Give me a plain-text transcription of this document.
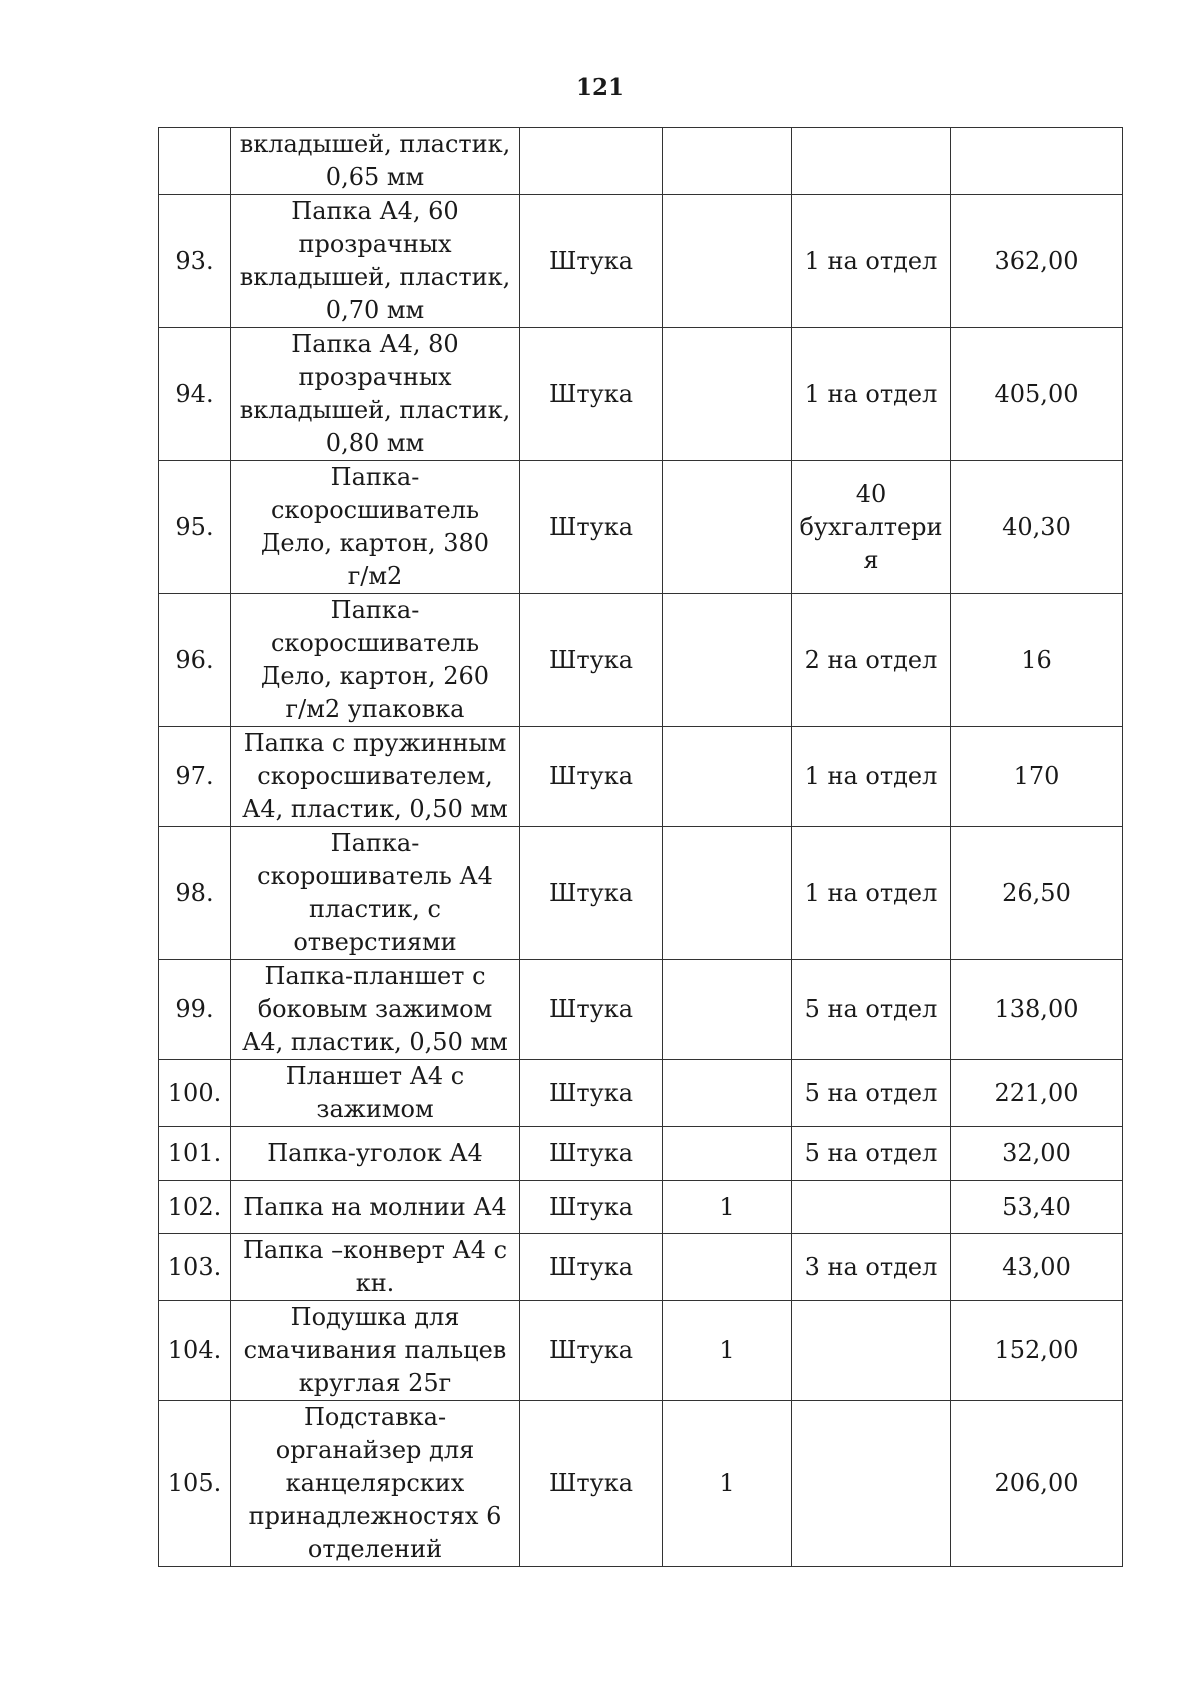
121

	вкладышей, пластик,
0,65 мм				

93.	Папка А4, 60
прозрачных
вкладышей, пластик,
0,70 мм	Штука		1 на отдел	362,00
94.	Папка А4, 80
прозрачных
вкладышей, пластик,
0,80 мм	Штука		1 на отдел	405,00
95.	Папка-
скоросшиватель
Дело, картон, 380
г/м2	Штука		40
бухгалтери
я	40,30
96.	Папка-
скоросшиватель
Дело, картон, 260
г/м2 упаковка	Штука		2 на отдел	16
97.	Папка с пружинным
скоросшивателем,
А4, пластик, 0,50 мм	Штука		1 на отдел	170
98.	Папка-
скорошиватель А4
пластик, с
отверстиями	Штука		1 на отдел	26,50
99.	Папка-планшет с
боковым зажимом
А4, пластик, 0,50 мм	Штука		5 на отдел	138,00
100.	Планшет А4 с
зажимом	Штука		5 на отдел	221,00
101.	Папка-уголок А4	Штука		5 на отдел	32,00
102.	Папка на молнии А4	Штука	1		53,40
103.	Папка –конверт А4 с
кн.	Штука		3 на отдел	43,00
104.	Подушка для
смачивания пальцев
круглая 25г	Штука	1		152,00
105.	Подставка-
органайзер для
канцелярских
принадлежностях 6
отделений	Штука	1		206,00
